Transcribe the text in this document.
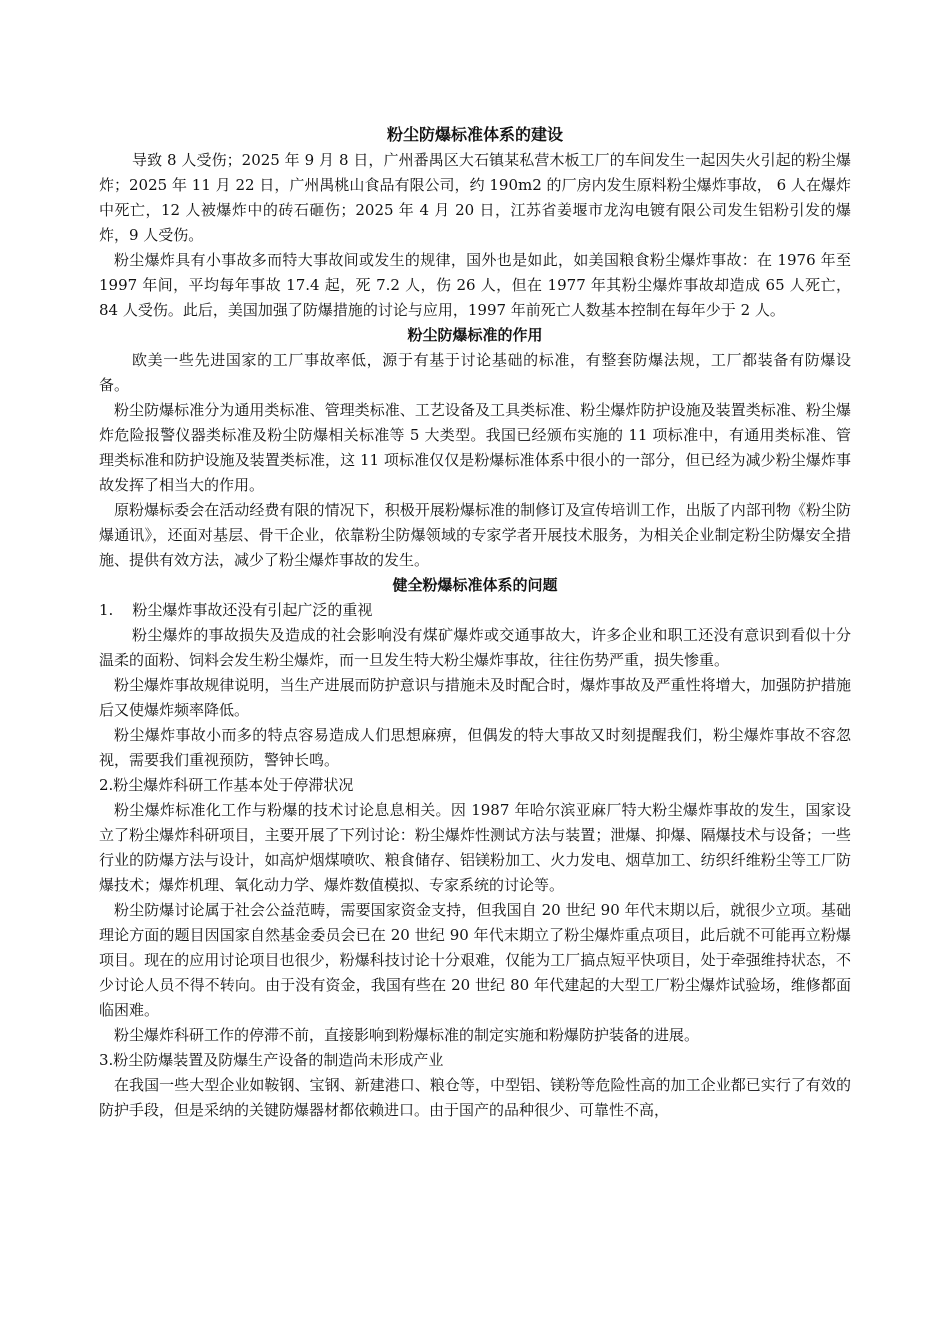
粉尘防爆标准体系的建设

导致 8 人受伤；2025 年 9 月 8 日，广州番禺区大石镇某私营木板工厂的车间发生一起因失火引起的粉尘爆炸；2025 年 11 月 22 日，广州禺桃山食品有限公司，约 190m2 的厂房内发生原料粉尘爆炸事故， 6 人在爆炸中死亡，12 人被爆炸中的砖石砸伤；2025 年 4 月 20 日，江苏省姜堰市龙沟电镀有限公司发生铝粉引发的爆炸，9 人受伤。

粉尘爆炸具有小事故多而特大事故间或发生的规律，国外也是如此，如美国粮食粉尘爆炸事故：在 1976 年至 1997 年间，平均每年事故 17.4 起，死 7.2 人，伤 26 人，但在 1977 年其粉尘爆炸事故却造成 65 人死亡，84 人受伤。此后，美国加强了防爆措施的讨论与应用，1997 年前死亡人数基本控制在每年少于 2 人。

粉尘防爆标准的作用

欧美一些先进国家的工厂事故率低，源于有基于讨论基础的标准，有整套防爆法规，工厂都装备有防爆设备。

粉尘防爆标准分为通用类标准、管理类标准、工艺设备及工具类标准、粉尘爆炸防护设施及装置类标准、粉尘爆炸危险报警仪器类标准及粉尘防爆相关标准等 5 大类型。我国已经颁布实施的 11 项标准中，有通用类标准、管理类标准和防护设施及装置类标准，这 11 项标准仅仅是粉爆标准体系中很小的一部分，但已经为减少粉尘爆炸事故发挥了相当大的作用。

原粉爆标委会在活动经费有限的情况下，积极开展粉爆标准的制修订及宣传培训工作，出版了内部刊物《粉尘防爆通讯》，还面对基层、骨干企业，依靠粉尘防爆领域的专家学者开展技术服务，为相关企业制定粉尘防爆安全措施、提供有效方法，减少了粉尘爆炸事故的发生。

健全粉爆标准体系的问题

1.    粉尘爆炸事故还没有引起广泛的重视

粉尘爆炸的事故损失及造成的社会影响没有煤矿爆炸或交通事故大，许多企业和职工还没有意识到看似十分温柔的面粉、饲料会发生粉尘爆炸，而一旦发生特大粉尘爆炸事故，往往伤势严重，损失惨重。

粉尘爆炸事故规律说明，当生产进展而防护意识与措施未及时配合时，爆炸事故及严重性将增大，加强防护措施后又使爆炸频率降低。

粉尘爆炸事故小而多的特点容易造成人们思想麻痹，但偶发的特大事故又时刻提醒我们，粉尘爆炸事故不容忽视，需要我们重视预防，警钟长鸣。

2.粉尘爆炸科研工作基本处于停滞状况

粉尘爆炸标准化工作与粉爆的技术讨论息息相关。因 1987 年哈尔滨亚麻厂特大粉尘爆炸事故的发生，国家设立了粉尘爆炸科研项目，主要开展了下列讨论：粉尘爆炸性测试方法与装置；泄爆、抑爆、隔爆技术与设备；一些行业的防爆方法与设计，如高炉烟煤喷吹、粮食储存、铝镁粉加工、火力发电、烟草加工、纺织纤维粉尘等工厂防爆技术；爆炸机理、氧化动力学、爆炸数值模拟、专家系统的讨论等。

粉尘防爆讨论属于社会公益范畴，需要国家资金支持，但我国自 20 世纪 90 年代末期以后，就很少立项。基础理论方面的题目因国家自然基金委员会已在 20 世纪 90 年代末期立了粉尘爆炸重点项目，此后就不可能再立粉爆项目。现在的应用讨论项目也很少，粉爆科技讨论十分艰难，仅能为工厂搞点短平快项目，处于牵强维持状态，不少讨论人员不得不转向。由于没有资金，我国有些在 20 世纪 80 年代建起的大型工厂粉尘爆炸试验场，维修都面临困难。

粉尘爆炸科研工作的停滞不前，直接影响到粉爆标准的制定实施和粉爆防护装备的进展。

3.粉尘防爆装置及防爆生产设备的制造尚未形成产业

在我国一些大型企业如鞍钢、宝钢、新建港口、粮仓等，中型铝、镁粉等危险性高的加工企业都已实行了有效的防护手段，但是采纳的关键防爆器材都依赖进口。由于国产的品种很少、可靠性不高，
